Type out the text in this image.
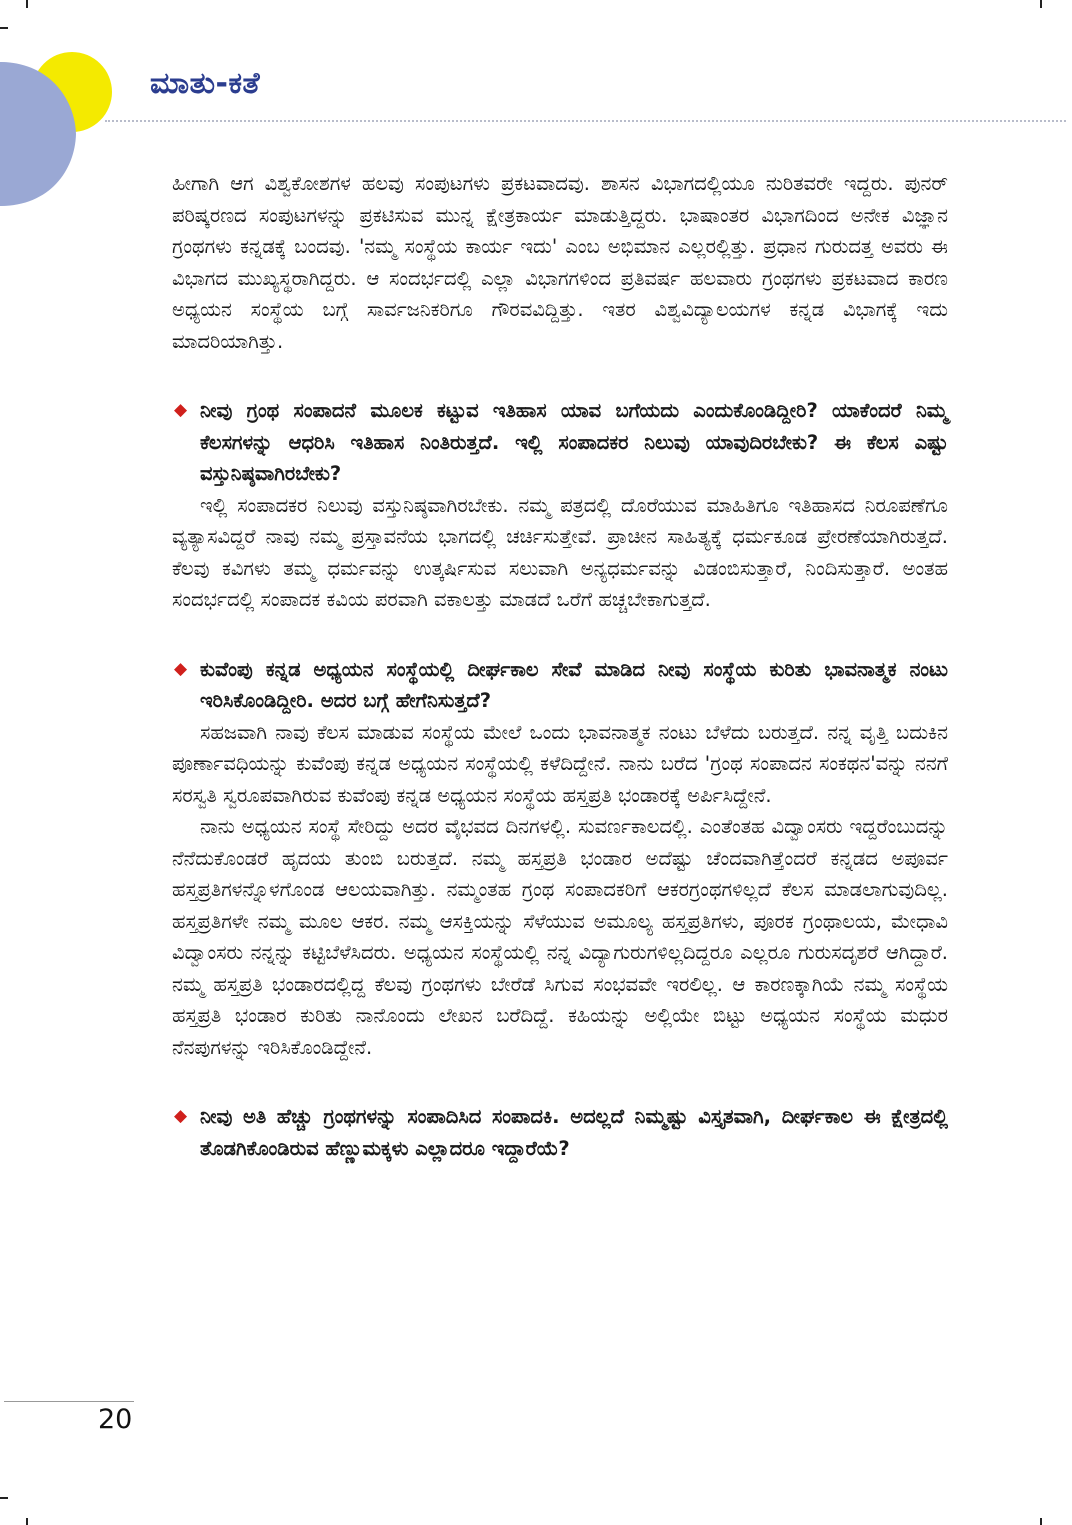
ಮಾತು-ಕತೆ

ಹೀಗಾಗಿ ಆಗ ವಿಶ್ವಕೋಶಗಳ ಹಲವು ಸಂಪುಟಗಳು ಪ್ರಕಟವಾದವು. ಶಾಸನ ವಿಭಾಗದಲ್ಲಿಯೂ ನುರಿತವರೇ ಇದ್ದರು. ಪುನರ್ ಪರಿಷ್ಕರಣದ ಸಂಪುಟಗಳನ್ನು ಪ್ರಕಟಿಸುವ ಮುನ್ನ ಕ್ಷೇತ್ರಕಾರ್ಯ ಮಾಡುತ್ತಿದ್ದರು. ಭಾಷಾಂತರ ವಿಭಾಗದಿಂದ ಅನೇಕ ವಿಜ್ಞಾನ ಗ್ರಂಥಗಳು ಕನ್ನಡಕ್ಕೆ ಬಂದವು. 'ನಮ್ಮ ಸಂಸ್ಥೆಯ ಕಾರ್ಯ ಇದು' ಎಂಬ ಅಭಿಮಾನ ಎಲ್ಲರಲ್ಲಿತ್ತು. ಪ್ರಧಾನ ಗುರುದತ್ತ ಅವರು ಈ ವಿಭಾಗದ ಮುಖ್ಯಸ್ಥರಾಗಿದ್ದರು. ಆ ಸಂದರ್ಭದಲ್ಲಿ ಎಲ್ಲಾ ವಿಭಾಗಗಳಿಂದ ಪ್ರತಿವರ್ಷ ಹಲವಾರು ಗ್ರಂಥಗಳು ಪ್ರಕಟವಾದ ಕಾರಣ ಅಧ್ಯಯನ ಸಂಸ್ಥೆಯ ಬಗ್ಗೆ ಸಾರ್ವಜನಿಕರಿಗೂ ಗೌರವವಿದ್ದಿತ್ತು. ಇತರ ವಿಶ್ವವಿದ್ಯಾಲಯಗಳ ಕನ್ನಡ ವಿಭಾಗಕ್ಕೆ ಇದು ಮಾದರಿಯಾಗಿತ್ತು.

◆ ನೀವು ಗ್ರಂಥ ಸಂಪಾದನೆ ಮೂಲಕ ಕಟ್ಟುವ ಇತಿಹಾಸ ಯಾವ ಬಗೆಯದು ಎಂದುಕೊಂಡಿದ್ದೀರಿ? ಯಾಕೆಂದರೆ ನಿಮ್ಮ ಕೆಲಸಗಳನ್ನು ಆಧರಿಸಿ ಇತಿಹಾಸ ನಿಂತಿರುತ್ತದೆ. ಇಲ್ಲಿ ಸಂಪಾದಕರ ನಿಲುವು ಯಾವುದಿರಬೇಕು? ಈ ಕೆಲಸ ಎಷ್ಟು ವಸ್ತುನಿಷ್ಠವಾಗಿರಬೇಕು?

ಇಲ್ಲಿ ಸಂಪಾದಕರ ನಿಲುವು ವಸ್ತುನಿಷ್ಠವಾಗಿರಬೇಕು. ನಮ್ಮ ಪತ್ರದಲ್ಲಿ ದೊರೆಯುವ ಮಾಹಿತಿಗೂ ಇತಿಹಾಸದ ನಿರೂಪಣೆಗೂ ವ್ಯತ್ಯಾಸವಿದ್ದರೆ ನಾವು ನಮ್ಮ ಪ್ರಸ್ತಾವನೆಯ ಭಾಗದಲ್ಲಿ ಚರ್ಚಿಸುತ್ತೇವೆ. ಪ್ರಾಚೀನ ಸಾಹಿತ್ಯಕ್ಕೆ ಧರ್ಮಕೂಡ ಪ್ರೇರಣೆಯಾಗಿರುತ್ತದೆ. ಕೆಲವು ಕವಿಗಳು ತಮ್ಮ ಧರ್ಮವನ್ನು ಉತ್ಕರ್ಷಿಸುವ ಸಲುವಾಗಿ ಅನ್ಯಧರ್ಮವನ್ನು ವಿಡಂಬಿಸುತ್ತಾರೆ, ನಿಂದಿಸುತ್ತಾರೆ. ಅಂತಹ ಸಂದರ್ಭದಲ್ಲಿ ಸಂಪಾದಕ ಕವಿಯ ಪರವಾಗಿ ವಕಾಲತ್ತು ಮಾಡದೆ ಒರೆಗೆ ಹಚ್ಚಬೇಕಾಗುತ್ತದೆ.

◆ ಕುವೆಂಪು ಕನ್ನಡ ಅಧ್ಯಯನ ಸಂಸ್ಥೆಯಲ್ಲಿ ದೀರ್ಘಕಾಲ ಸೇವೆ ಮಾಡಿದ ನೀವು ಸಂಸ್ಥೆಯ ಕುರಿತು ಭಾವನಾತ್ಮಕ ನಂಟು ಇರಿಸಿಕೊಂಡಿದ್ದೀರಿ. ಅದರ ಬಗ್ಗೆ ಹೇಗೆನಿಸುತ್ತದೆ?

ಸಹಜವಾಗಿ ನಾವು ಕೆಲಸ ಮಾಡುವ ಸಂಸ್ಥೆಯ ಮೇಲೆ ಒಂದು ಭಾವನಾತ್ಮಕ ನಂಟು ಬೆಳೆದು ಬರುತ್ತದೆ. ನನ್ನ ವೃತ್ತಿ ಬದುಕಿನ ಪೂರ್ಣಾವಧಿಯನ್ನು ಕುವೆಂಪು ಕನ್ನಡ ಅಧ್ಯಯನ ಸಂಸ್ಥೆಯಲ್ಲಿ ಕಳೆದಿದ್ದೇನೆ. ನಾನು ಬರೆದ 'ಗ್ರಂಥ ಸಂಪಾದನ ಸಂಕಥನ'ವನ್ನು ನನಗೆ ಸರಸ್ವತಿ ಸ್ವರೂಪವಾಗಿರುವ ಕುವೆಂಪು ಕನ್ನಡ ಅಧ್ಯಯನ ಸಂಸ್ಥೆಯ ಹಸ್ತಪ್ರತಿ ಭಂಡಾರಕ್ಕೆ ಅರ್ಪಿಸಿದ್ದೇನೆ.

ನಾನು ಅಧ್ಯಯನ ಸಂಸ್ಥೆ ಸೇರಿದ್ದು ಅದರ ವೈಭವದ ದಿನಗಳಲ್ಲಿ. ಸುವರ್ಣಕಾಲದಲ್ಲಿ. ಎಂತೆಂತಹ ವಿದ್ವಾಂಸರು ಇದ್ದರೆಂಬುದನ್ನು ನೆನೆದುಕೊಂಡರೆ ಹೃದಯ ತುಂಬಿ ಬರುತ್ತದೆ. ನಮ್ಮ ಹಸ್ತಪ್ರತಿ ಭಂಡಾರ ಅದೆಷ್ಟು ಚೆಂದವಾಗಿತ್ತೆಂದರೆ ಕನ್ನಡದ ಅಪೂರ್ವ ಹಸ್ತಪ್ರತಿಗಳನ್ನೊಳಗೊಂಡ ಆಲಯವಾಗಿತ್ತು. ನಮ್ಮಂತಹ ಗ್ರಂಥ ಸಂಪಾದಕರಿಗೆ ಆಕರಗ್ರಂಥಗಳಿಲ್ಲದೆ ಕೆಲಸ ಮಾಡಲಾಗುವುದಿಲ್ಲ. ಹಸ್ತಪ್ರತಿಗಳೇ ನಮ್ಮ ಮೂಲ ಆಕರ. ನಮ್ಮ ಆಸಕ್ತಿಯನ್ನು ಸೆಳೆಯುವ ಅಮೂಲ್ಯ ಹಸ್ತಪ್ರತಿಗಳು, ಪೂರಕ ಗ್ರಂಥಾಲಯ, ಮೇಧಾವಿ ವಿದ್ವಾಂಸರು ನನ್ನನ್ನು ಕಟ್ಟಿಬೆಳೆಸಿದರು. ಅಧ್ಯಯನ ಸಂಸ್ಥೆಯಲ್ಲಿ ನನ್ನ ವಿದ್ಯಾಗುರುಗಳಿಲ್ಲದಿದ್ದರೂ ಎಲ್ಲರೂ ಗುರುಸದೃಶರೆ ಆಗಿದ್ದಾರೆ. ನಮ್ಮ ಹಸ್ತಪ್ರತಿ ಭಂಡಾರದಲ್ಲಿದ್ದ ಕೆಲವು ಗ್ರಂಥಗಳು ಬೇರೆಡೆ ಸಿಗುವ ಸಂಭವವೇ ಇರಲಿಲ್ಲ. ಆ ಕಾರಣಕ್ಕಾಗಿಯೆ ನಮ್ಮ ಸಂಸ್ಥೆಯ ಹಸ್ತಪ್ರತಿ ಭಂಡಾರ ಕುರಿತು ನಾನೊಂದು ಲೇಖನ ಬರೆದಿದ್ದೆ. ಕಹಿಯನ್ನು ಅಲ್ಲಿಯೇ ಬಿಟ್ಟು ಅಧ್ಯಯನ ಸಂಸ್ಥೆಯ ಮಧುರ ನೆನಪುಗಳನ್ನು ಇರಿಸಿಕೊಂಡಿದ್ದೇನೆ.

◆ ನೀವು ಅತಿ ಹೆಚ್ಚು ಗ್ರಂಥಗಳನ್ನು ಸಂಪಾದಿಸಿದ ಸಂಪಾದಕಿ. ಅದಲ್ಲದೆ ನಿಮ್ಮಷ್ಟು ವಿಸ್ತೃತವಾಗಿ, ದೀರ್ಘಕಾಲ ಈ ಕ್ಷೇತ್ರದಲ್ಲಿ ತೊಡಗಿಕೊಂಡಿರುವ ಹೆಣ್ಣುಮಕ್ಕಳು ಎಲ್ಲಾದರೂ ಇದ್ದಾರೆಯೆ?

20
